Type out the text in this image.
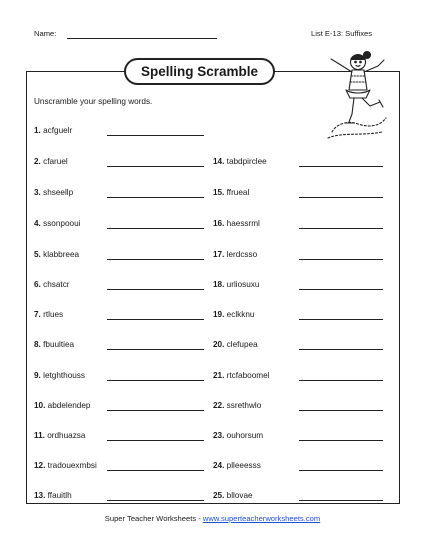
Name:	List E-13: Suffixes
Spelling Scramble
Unscramble your spelling words.
1. acfguelr
2. cfaruel
3. shseellp
4. ssonpooui
5. klabbreea
6. chsatcr
7. rtlues
8. fbuultiea
9. letghthouss
10. abdelendep
11. ordhuazsa
12. tradouexmbsi
13. ffauitlh
14. tabdpirclee
15. ffrueal
16. haessrml
17. lerdcsso
18. urliosuxu
19. eclkknu
20. clefupea
21. rtcfaboomel
22. ssrethwlo
23. ouhorsum
24. plleeesss
25. bllovae
Super Teacher Worksheets - www.superteacherworksheets.com
